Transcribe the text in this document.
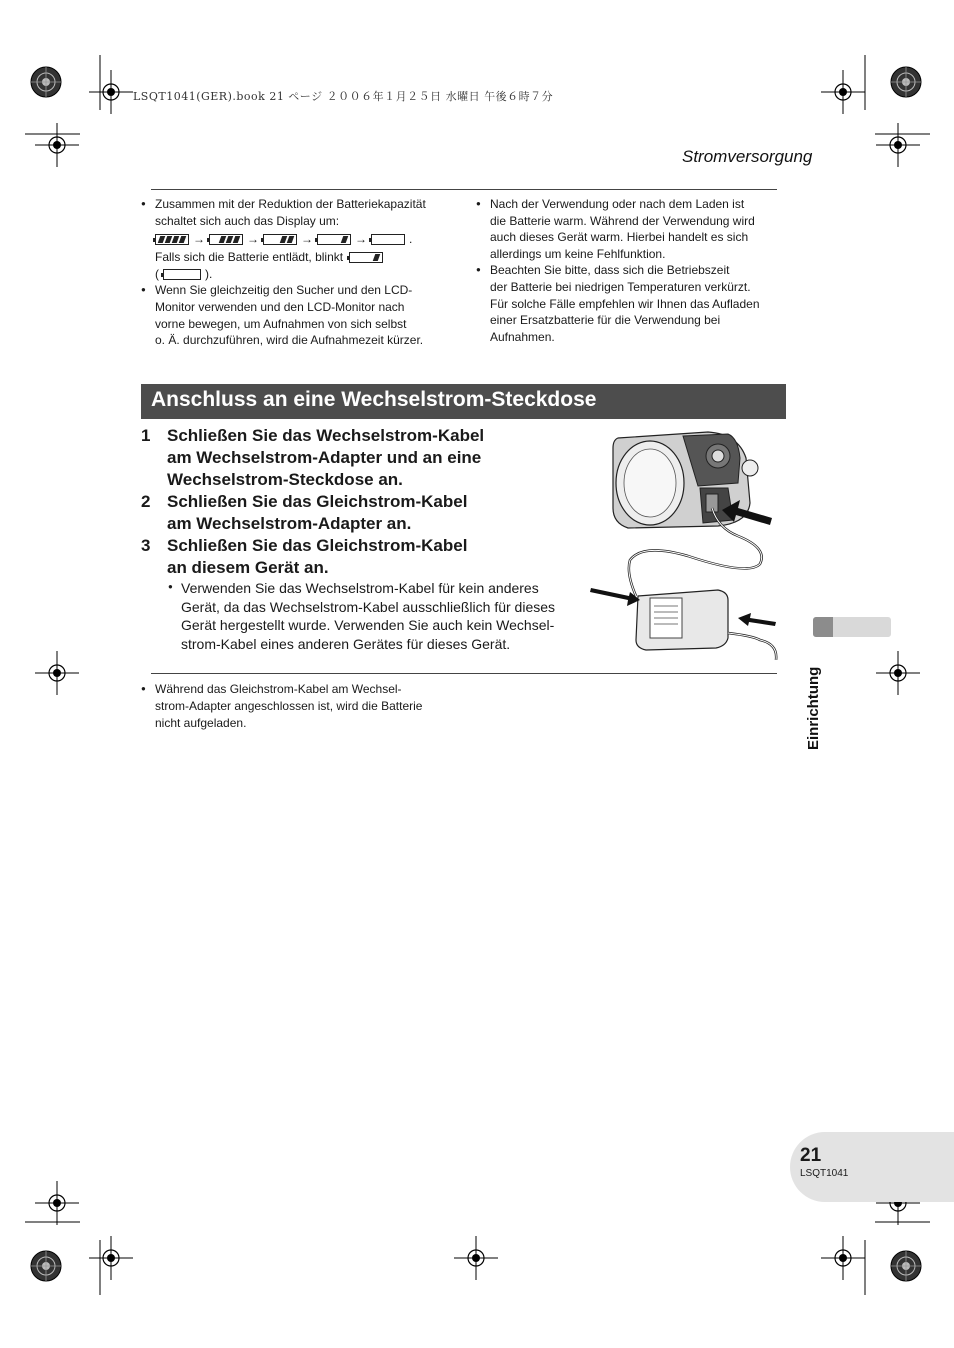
LSQT1041(GER).book 21 ページ ２００６年１月２５日 水曜日 午後６時７分
Stromversorgung
● Zusammen mit der Reduktion der Batteriekapazität
schaltet sich auch das Display um:
→	→	→	→	.
Falls sich die Batterie entlädt, blinkt
(	).
● Wenn Sie gleichzeitig den Sucher und den LCD-
Monitor verwenden und den LCD-Monitor nach
vorne bewegen, um Aufnahmen von sich selbst
o. Ä. durchzuführen, wird die Aufnahmezeit kürzer.
● Nach der Verwendung oder nach dem Laden ist
die Batterie warm. Während der Verwendung wird
auch dieses Gerät warm. Hierbei handelt es sich
allerdings um keine Fehlfunktion.
● Beachten Sie bitte, dass sich die Betriebszeit
der Batterie bei niedrigen Temperaturen verkürzt.
Für solche Fälle empfehlen wir Ihnen das Aufladen
einer Ersatzbatterie für die Verwendung bei
Aufnahmen.
Anschluss an eine Wechselstrom-Steckdose
1 Schließen Sie das Wechselstrom-Kabel
am Wechselstrom-Adapter und an eine
Wechselstrom-Steckdose an.
2 Schließen Sie das Gleichstrom-Kabel
am Wechselstrom-Adapter an.
3 Schließen Sie das Gleichstrom-Kabel
an diesem Gerät an.
● Verwenden Sie das Wechselstrom-Kabel für kein anderes
Gerät, da das Wechselstrom-Kabel ausschließlich für dieses
Gerät hergestellt wurde. Verwenden Sie auch kein Wechsel-
strom-Kabel eines anderen Gerätes für dieses Gerät.
● Während das Gleichstrom-Kabel am Wechsel-
strom-Adapter angeschlossen ist, wird die Batterie
nicht aufgeladen.	Einrichtung
21
LSQT1041
